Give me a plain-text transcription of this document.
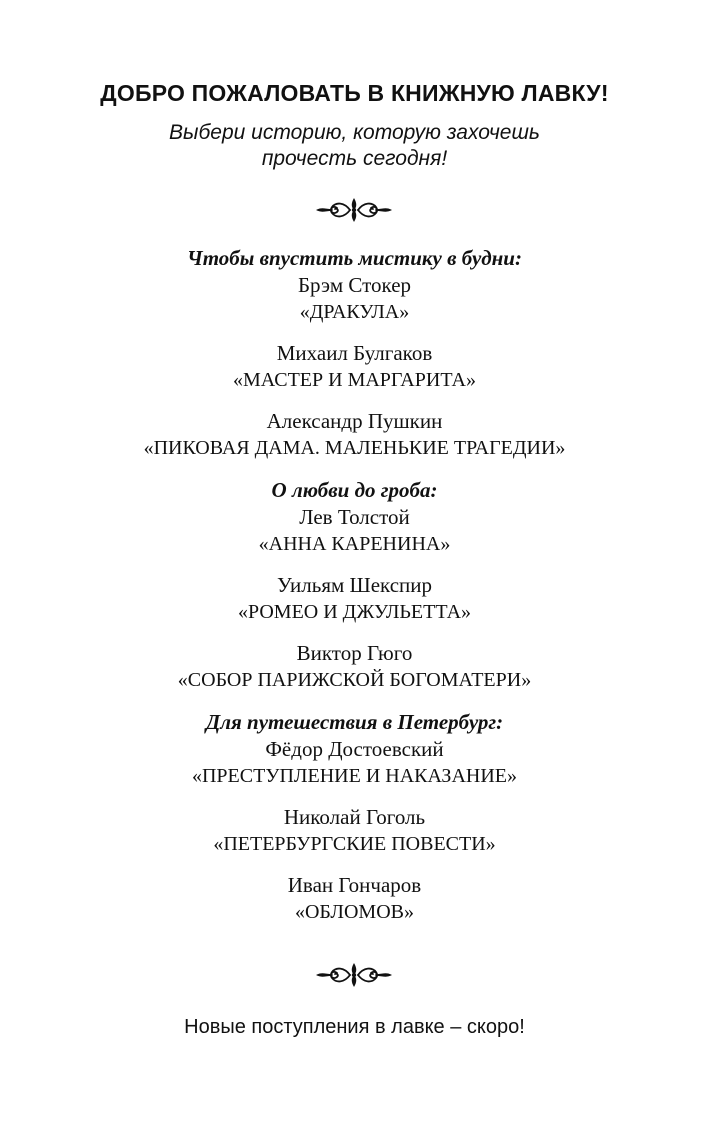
ДОБРО ПОЖАЛОВАТЬ В КНИЖНУЮ ЛАВКУ!
Выбери историю, которую захочешь
прочесть сегодня!
Чтобы впустить мистику в будни:
Брэм Стокер
«ДРАКУЛА»
Михаил Булгаков
«МАСТЕР И МАРГАРИТА»
Александр Пушкин
«ПИКОВАЯ ДАМА. МАЛЕНЬКИЕ ТРАГЕДИИ»
О любви до гроба:
Лев Толстой
«АННА КАРЕНИНА»
Уильям Шекспир
«РОМЕО И ДЖУЛЬЕТТА»
Виктор Гюго
«СОБОР ПАРИЖСКОЙ БОГОМАТЕРИ»
Для путешествия в Петербург:
Фёдор Достоевский
«ПРЕСТУПЛЕНИЕ И НАКАЗАНИЕ»
Николай Гоголь
«ПЕТЕРБУРГСКИЕ ПОВЕСТИ»
Иван Гончаров
«ОБЛОМОВ»
Новые поступления в лавке – скоро!
